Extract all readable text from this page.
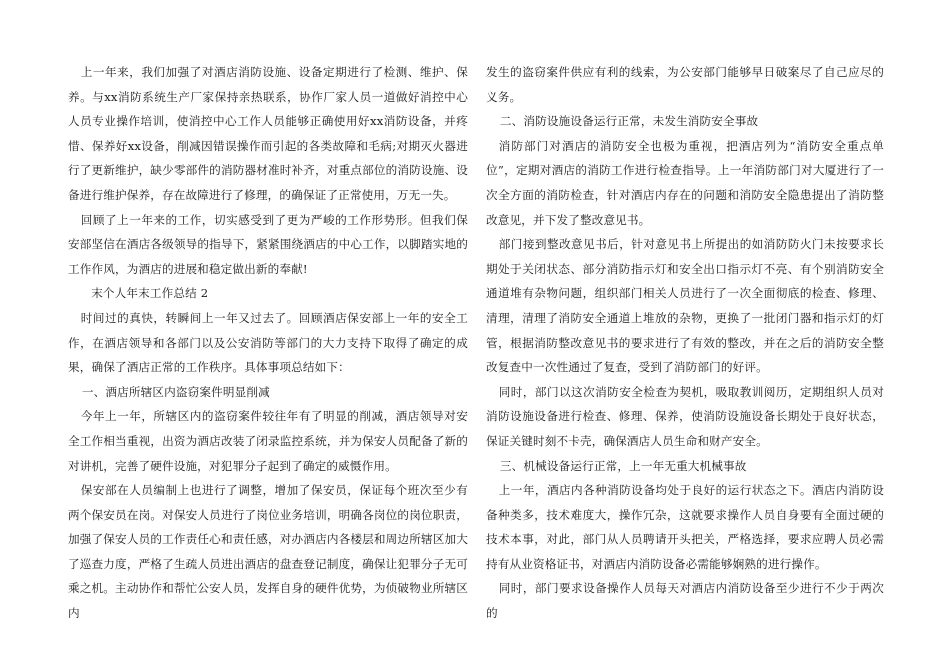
上一年来，我们加强了对酒店消防设施、设备定期进行了检测、维护、保养。与xx消防系统生产厂家保持亲热联系，协作厂家人员一道做好消控中心人员专业操作培训，使消控中心工作人员能够正确使用好xx消防设备，并疼惜、保养好xx设备，削减因错误操作而引起的各类故障和毛病;对期灭火器进行了更新维护，缺少零部件的消防器材准时补齐，对重点部位的消防设施、设备进行维护保养，存在故障进行了修理，的确保证了正常使用，万无一失。

回顾了上一年来的工作，切实感受到了更为严峻的工作形势形。但我们保安部坚信在酒店各级领导的指导下，紧紧围绕酒店的中心工作，以脚踏实地的工作作风，为酒店的进展和稳定做出新的奉献!

末个人年末工作总结 2

时间过的真快，转瞬间上一年又过去了。回顾酒店保安部上一年的安全工作，在酒店领导和各部门以及公安消防等部门的大力支持下取得了确定的成果，确保了酒店正常的工作秩序。具体事项总结如下：

一、酒店所辖区内盗窃案件明显削减

今年上一年，所辖区内的盗窃案件较往年有了明显的削减，酒店领导对安全工作相当重视，出资为酒店改装了闭录监控系统，并为保安人员配备了新的对讲机，完善了硬件设施，对犯罪分子起到了确定的威慑作用。

保安部在人员编制上也进行了调整，增加了保安员，保证每个班次至少有两个保安员在岗。对保安人员进行了岗位业务培训，明确各岗位的岗位职责，加强了保安人员的工作责任心和责任感，对办酒店内各楼层和周边所辖区加大了巡查力度，严格了生疏人员进出酒店的盘查登记制度，确保让犯罪分子无可乘之机。主动协作和帮忙公安人员，发挥自身的硬件优势，为侦破物业所辖区内

发生的盗窃案件供应有利的线索，为公安部门能够早日破案尽了自己应尽的义务。

二、消防设施设备运行正常，未发生消防安全事故

消防部门对酒店的消防安全也极为重视，把酒店列为“消防安全重点单位”，定期对酒店的消防工作进行检查指导。上一年消防部门对大厦进行了一次全方面的消防检查，针对酒店内存在的问题和消防安全隐患提出了消防整改意见，并下发了整改意见书。

部门接到整改意见书后，针对意见书上所提出的如消防防火门未按要求长期处于关闭状态、部分消防指示灯和安全出口指示灯不亮、有个别消防安全通道堆有杂物问题，组织部门相关人员进行了一次全面彻底的检查、修理、清理，清理了消防安全通道上堆放的杂物，更换了一批闭门器和指示灯的灯管，根据消防整改意见书的要求进行了有效的整改，并在之后的消防安全整改复查中一次性通过了复查，受到了消防部门的好评。

同时，部门以这次消防安全检查为契机，吸取教训阅历，定期组织人员对消防设施设备进行检查、修理、保养，使消防设施设备长期处于良好状态，保证关键时刻不卡壳，确保酒店人员生命和财产安全。

三、机械设备运行正常，上一年无重大机械事故

上一年，酒店内各种消防设备均处于良好的运行状态之下。酒店内消防设备种类多，技术难度大，操作冗杂，这就要求操作人员自身要有全面过硬的技术本事，对此，部门从人员聘请开头把关，严格选择，要求应聘人员必需持有从业资格证书，对酒店内消防设备必需能够娴熟的进行操作。

同时，部门要求设备操作人员每天对酒店内消防设备至少进行不少于两次的
